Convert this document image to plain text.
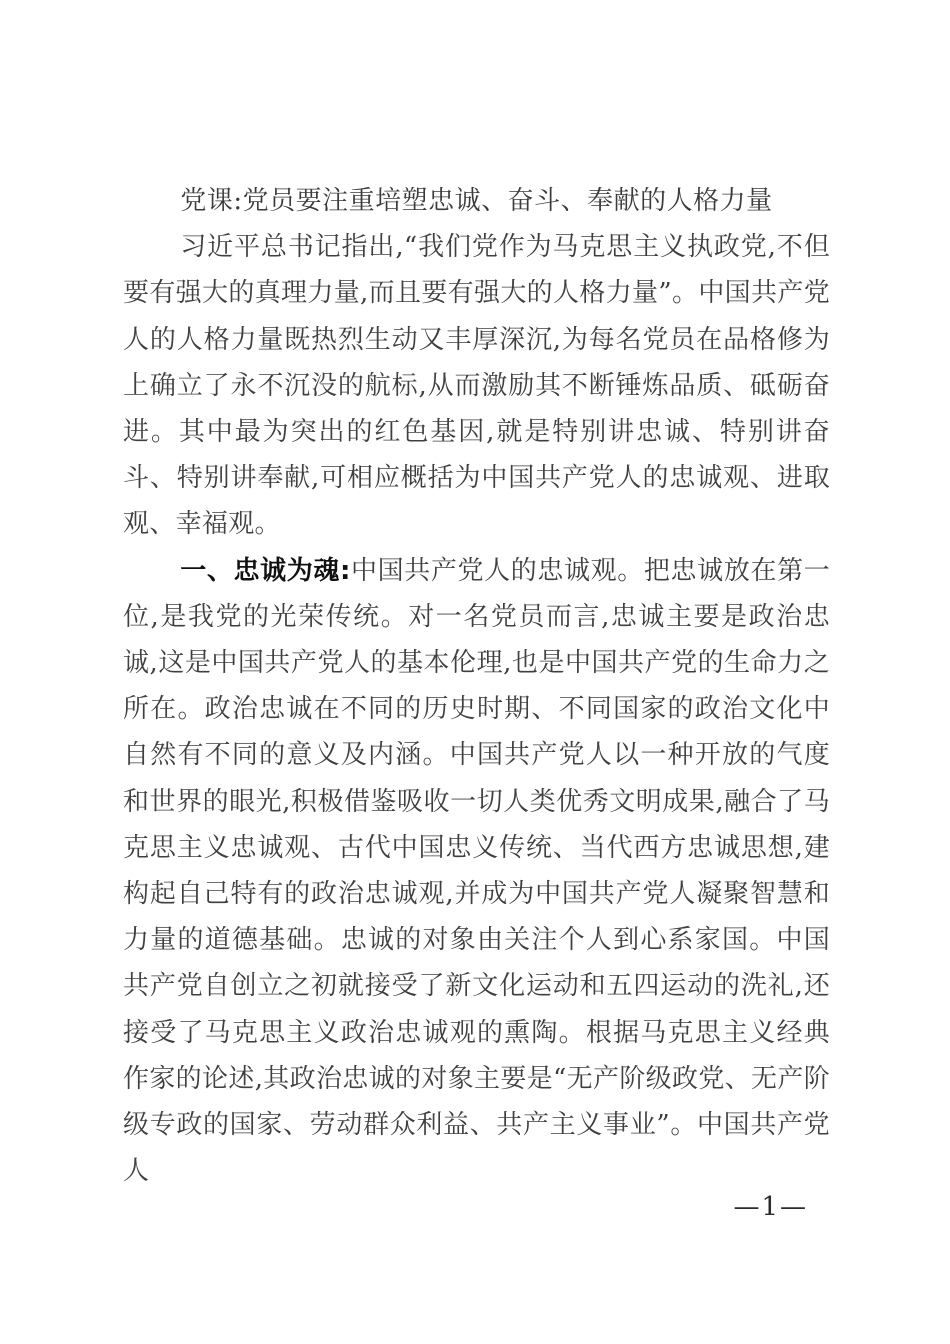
党课:党员要注重培塑忠诚、奋斗、奉献的人格力量

习近平总书记指出,“我们党作为马克思主义执政党,不但要有强大的真理力量,而且要有强大的人格力量”。中国共产党人的人格力量既热烈生动又丰厚深沉,为每名党员在品格修为上确立了永不沉没的航标,从而激励其不断锤炼品质、砥砺奋进。其中最为突出的红色基因,就是特别讲忠诚、特别讲奋斗、特别讲奉献,可相应概括为中国共产党人的忠诚观、进取观、幸福观。

一、忠诚为魂:中国共产党人的忠诚观。把忠诚放在第一位,是我党的光荣传统。对一名党员而言,忠诚主要是政治忠诚,这是中国共产党人的基本伦理,也是中国共产党的生命力之所在。政治忠诚在不同的历史时期、不同国家的政治文化中自然有不同的意义及内涵。中国共产党人以一种开放的气度和世界的眼光,积极借鉴吸收一切人类优秀文明成果,融合了马克思主义忠诚观、古代中国忠义传统、当代西方忠诚思想,建构起自己特有的政治忠诚观,并成为中国共产党人凝聚智慧和力量的道德基础。忠诚的对象由关注个人到心系家国。中国共产党自创立之初就接受了新文化运动和五四运动的洗礼,还接受了马克思主义政治忠诚观的熏陶。根据马克思主义经典作家的论述,其政治忠诚的对象主要是“无产阶级政党、无产阶级专政的国家、劳动群众利益、共产主义事业”。中国共产党人

—1—
